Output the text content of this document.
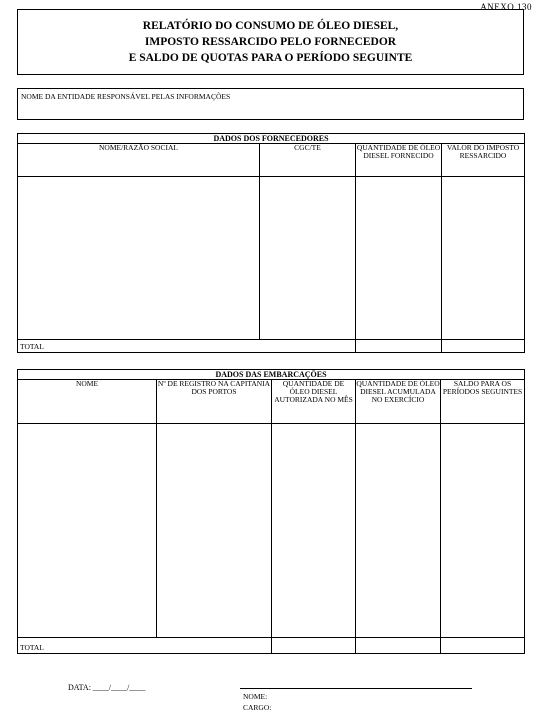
ANEXO 130
RELATÓRIO DO CONSUMO DE ÓLEO DIESEL,
IMPOSTO RESSARCIDO PELO FORNECEDOR
E SALDO DE QUOTAS PARA O PERÍODO SEGUINTE
NOME DA ENTIDADE RESPONSÁVEL PELAS INFORMAÇÕES
DADOS DOS FORNECEDORES			
NOME/RAZÃO SOCIAL	CGC/TE	QUANTIDADE DE ÓLEO DIESEL FORNECIDO	VALOR DO IMPOSTO RESSARCIDO

TOTAL			
DADOS DAS EMBARCAÇÕES				
NOME	Nº DE REGISTRO NA CAPITANIA DOS PORTOS	QUANTIDADE DE ÓLEO DIESEL AUTORIZADA NO MÊS	QUANTIDADE DE ÓLEO DIESEL ACUMULADA NO EXERCÍCIO	SALDO PARA OS PERÍODOS SEGUINTES

TOTAL				
DATA: ____/____/____
NOME:
CARGO:
